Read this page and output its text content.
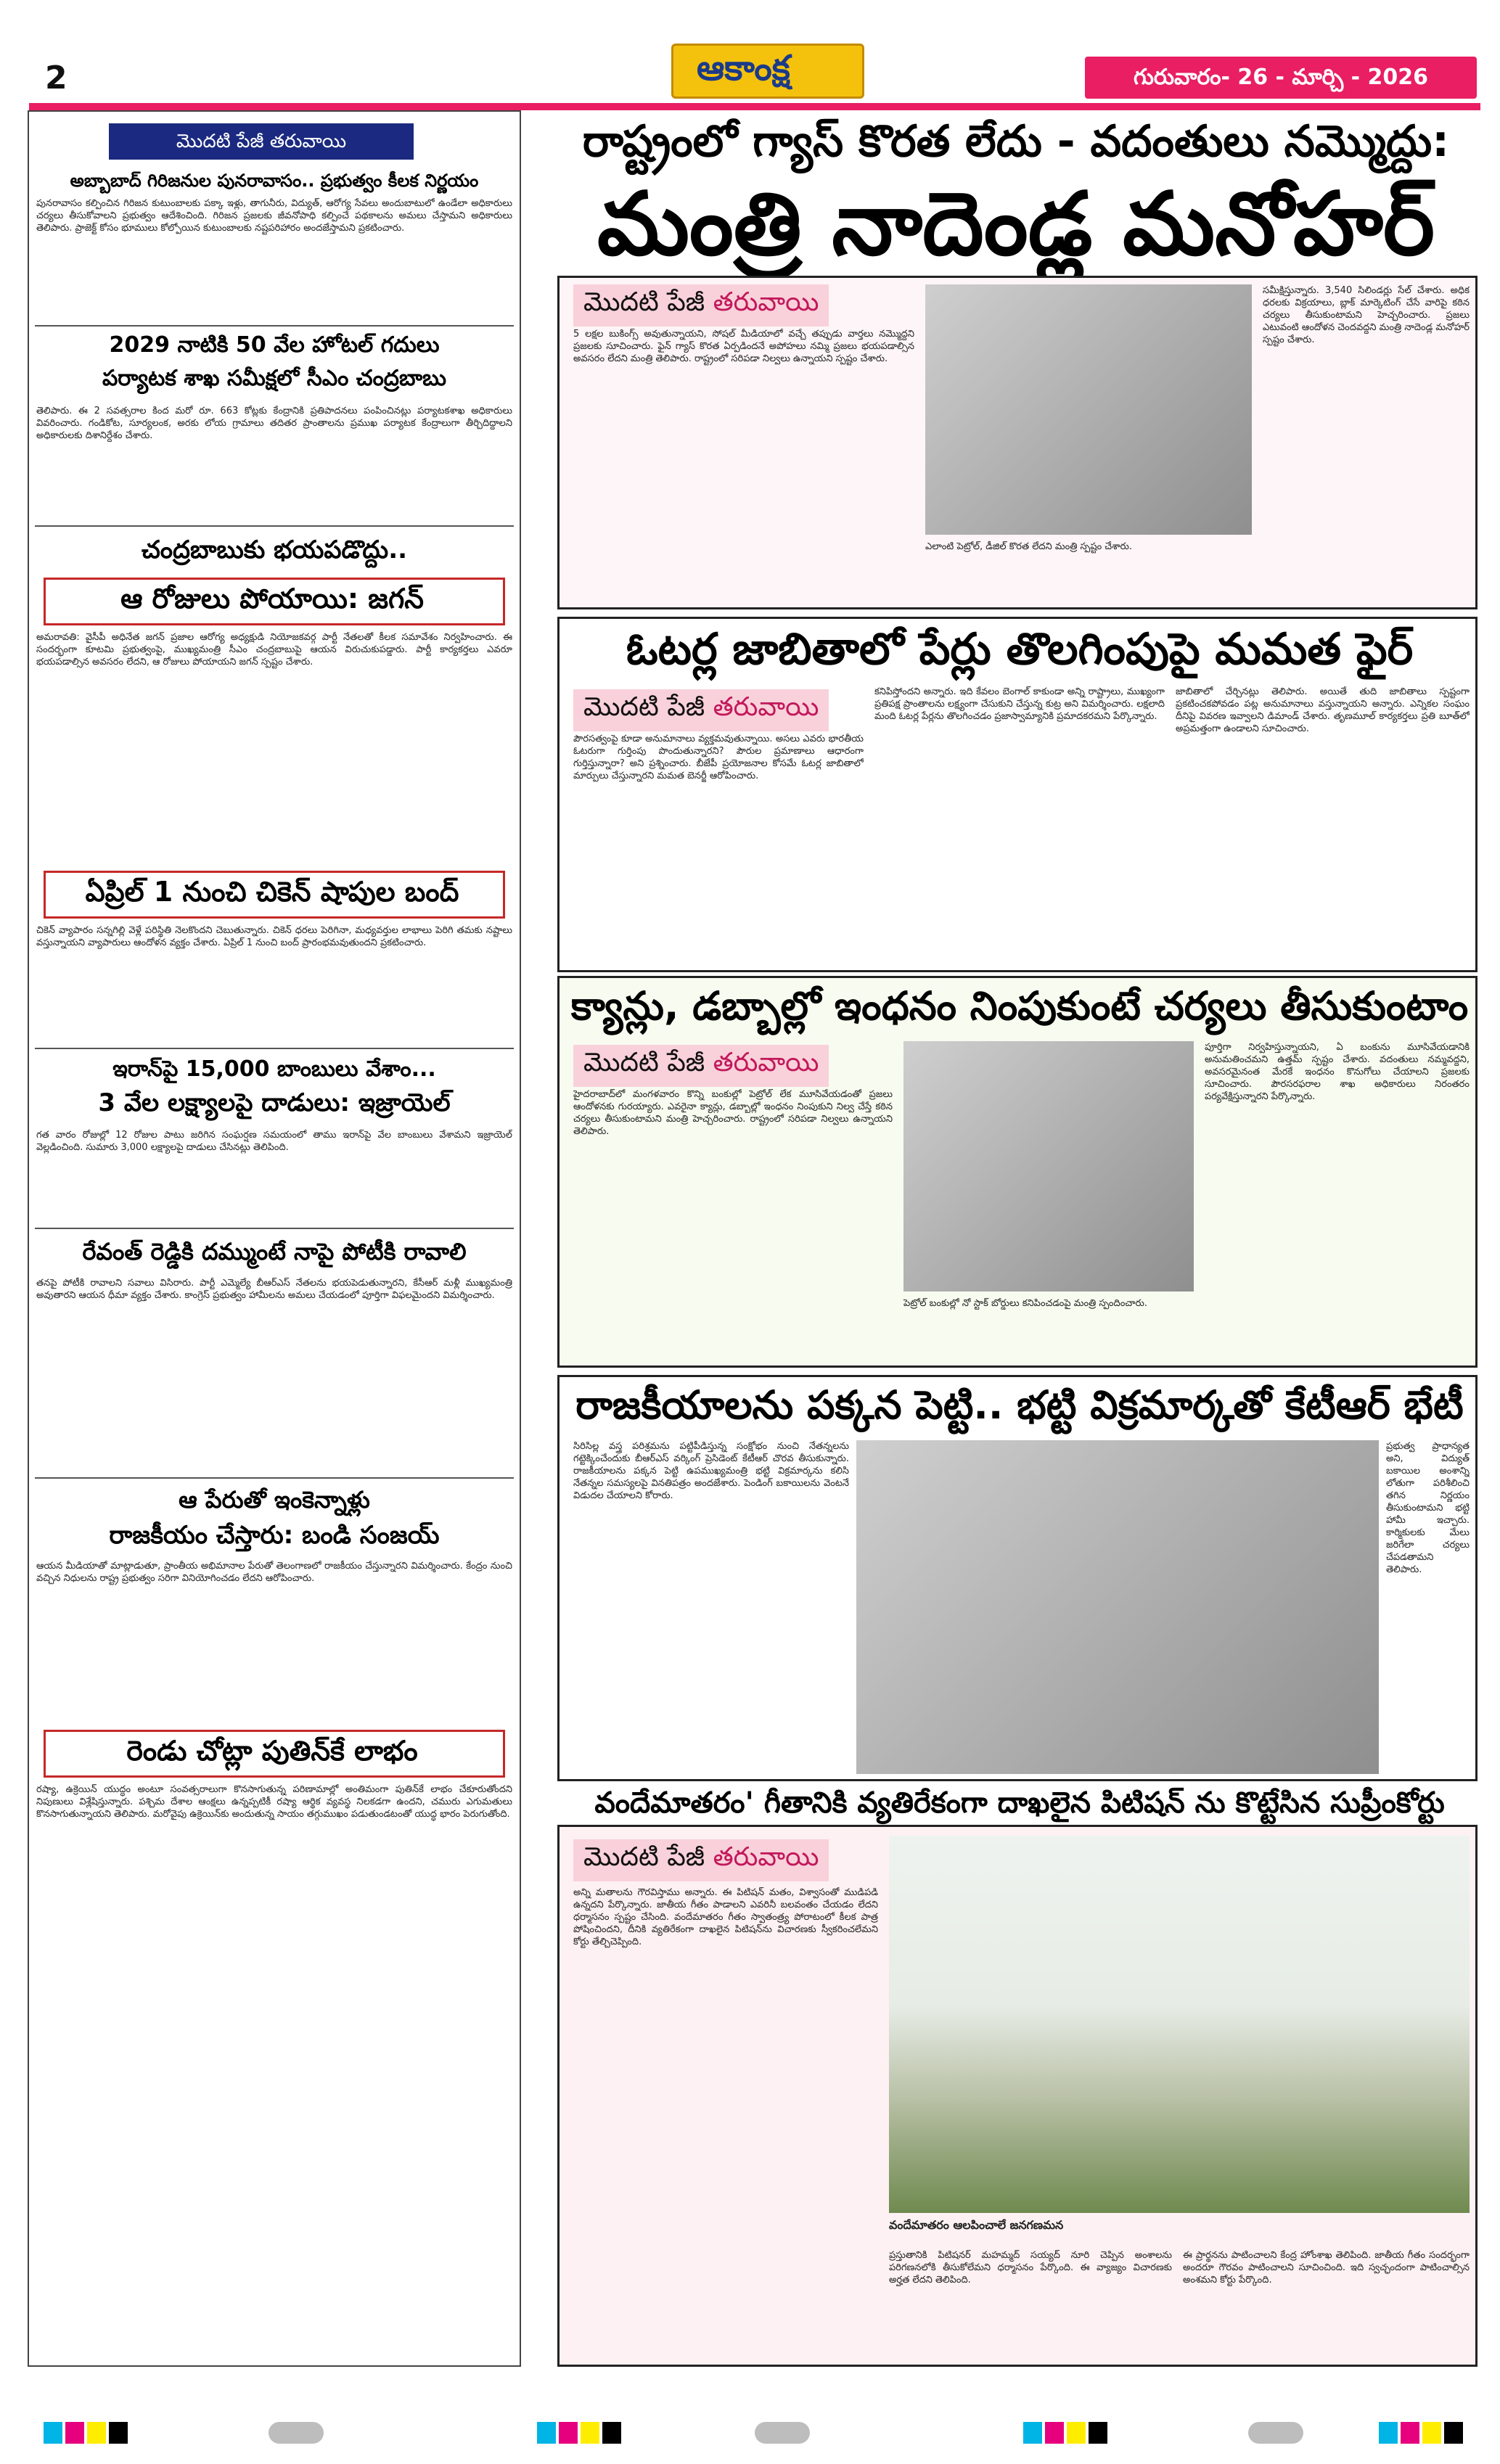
2	ఆకాంక్ష	గురువారం- 26 - మార్చి - 2026
మొదటి పేజీ తరువాయి
అబ్బాబాద్ గిరిజనుల పునరావాసం.. ప్రభుత్వం కీలక నిర్ణయం
పునరావాసం కల్పించిన గిరిజన కుటుంబాలకు పక్కా ఇళ్లు, తాగునీరు, విద్యుత్, ఆరోగ్య సేవలు అందుబాటులో ఉండేలా అధికారులు చర్యలు తీసుకోవాలని ప్రభుత్వం ఆదేశించింది. గిరిజన ప్రజలకు జీవనోపాధి కల్పించే పథకాలను అమలు చేస్తామని అధికారులు తెలిపారు. ప్రాజెక్ట్ కోసం భూములు కోల్పోయిన కుటుంబాలకు నష్టపరిహారం అందజేస్తామని ప్రకటించారు.
2029 నాటికి 50 వేల హోటల్ గదులు
పర్యాటక శాఖ సమీక్షలో సీఎం చంద్రబాబు
తెలిపారు. ఈ 2 సవత్సరాల కింద మరో రూ. 663 కోట్లకు కేంద్రానికి ప్రతిపాదనలు పంపించినట్లు పర్యాటకశాఖ అధికారులు వివరించారు. గండికోట, సూర్యలంక, అరకు లోయ గ్రామాలు తదితర ప్రాంతాలను ప్రముఖ పర్యాటక కేంద్రాలుగా తీర్చిదిద్దాలని అధికారులకు దిశానిర్దేశం చేశారు.
చంద్రబాబుకు భయపడొద్దు..
ఆ రోజులు పోయాయి: జగన్
అమరావతి: వైసీపీ అధినేత జగన్ ప్రజాల ఆరోగ్య అధ్యక్షుడి నియోజకవర్గ పార్టీ నేతలతో కీలక సమావేశం నిర్వహించారు. ఈ సందర్భంగా కూటమి ప్రభుత్వంపై, ముఖ్యమంత్రి సీఎం చంద్రబాబుపై ఆయన విరుచుకుపడ్డారు. పార్టీ కార్యకర్తలు ఎవరూ భయపడాల్సిన అవసరం లేదని, ఆ రోజులు పోయాయని జగన్ స్పష్టం చేశారు.
ఏప్రిల్ 1 నుంచి చికెన్ షాపుల బంద్
చికెన్ వ్యాపారం సన్నగిల్లి వెళ్లే పరిస్థితి నెలకొందని చెబుతున్నారు. చికెన్ ధరలు పెరిగినా, మధ్యవర్తుల లాభాలు పెరిగి తమకు నష్టాలు వస్తున్నాయని వ్యాపారులు ఆందోళన వ్యక్తం చేశారు. ఏప్రిల్ 1 నుంచి బంద్ ప్రారంభమవుతుందని ప్రకటించారు.
ఇరాన్‌పై 15,000 బాంబులు వేశాం...
3 వేల లక్ష్యాలపై దాడులు: ఇజ్రాయెల్
గత వారం రోజుల్లో 12 రోజుల పాటు జరిగిన సంఘర్షణ సమయంలో తాము ఇరాన్‌పై వేల బాంబులు వేశామని ఇజ్రాయెల్ వెల్లడించింది. సుమారు 3,000 లక్ష్యాలపై దాడులు చేసినట్లు తెలిపింది.
రేవంత్ రెడ్డికి దమ్ముంటే నాపై పోటీకి రావాలి
తనపై పోటీకి రావాలని సవాలు విసిరారు. పార్టీ ఎమ్మెల్యే బీఆర్ఎస్ నేతలను భయపెడుతున్నారని, కేసీఆర్ మళ్లీ ముఖ్యమంత్రి అవుతారని ఆయన ధీమా వ్యక్తం చేశారు. కాంగ్రెస్ ప్రభుత్వం హామీలను అమలు చేయడంలో పూర్తిగా విఫలమైందని విమర్శించారు.
ఆ పేరుతో ఇంకెన్నాళ్లు
రాజకీయం చేస్తారు: బండి సంజయ్
ఆయన మీడియాతో మాట్లాడుతూ, ప్రాంతీయ అభిమానాల పేరుతో తెలంగాణలో రాజకీయం చేస్తున్నారని విమర్శించారు. కేంద్రం నుంచి వచ్చిన నిధులను రాష్ట్ర ప్రభుత్వం సరిగా వినియోగించడం లేదని ఆరోపించారు.
రెండు చోట్లా పుతిన్‌కే లాభం
రష్యా, ఉక్రెయిన్ యుద్ధం అంటూ సంవత్సరాలుగా కొనసాగుతున్న పరిణామాల్లో అంతిమంగా పుతిన్‌కే లాభం చేకూరుతోందని నిపుణులు విశ్లేషిస్తున్నారు. పశ్చిమ దేశాల ఆంక్షలు ఉన్నప్పటికీ రష్యా ఆర్థిక వ్యవస్థ నిలకడగా ఉందని, చమురు ఎగుమతులు కొనసాగుతున్నాయని తెలిపారు. మరోవైపు ఉక్రెయిన్‌కు అందుతున్న సాయం తగ్గుముఖం పడుతుండటంతో యుద్ధ భారం పెరుగుతోంది.
రాష్ట్రంలో గ్యాస్ కొరత లేదు - వదంతులు నమ్మొద్దు:
మంత్రి నాదెండ్ల మనోహర్
మొదటి పేజీ తరువాయి
5 లక్షల బుకింగ్స్ అవుతున్నాయని, సోషల్ మీడియాలో వచ్చే తప్పుడు వార్తలు నమ్మొద్దని ప్రజలకు సూచించారు. ఫైన్ గ్యాస్ కొరత ఏర్పడిందనే అపోహలు నమ్మి ప్రజలు భయపడాల్సిన అవసరం లేదని మంత్రి తెలిపారు. రాష్ట్రంలో సరిపడా నిల్వలు ఉన్నాయని స్పష్టం చేశారు.
ఎలాంటి పెట్రోల్, డీజిల్ కొరత లేదని మంత్రి స్పష్టం చేశారు.
సమీక్షిస్తున్నారు. 3,540 సిలిండర్లు సేల్ చేశారు. అధిక ధరలకు విక్రయాలు, బ్లాక్ మార్కెటింగ్ చేసే వారిపై కఠిన చర్యలు తీసుకుంటామని హెచ్చరించారు. ప్రజలు ఎటువంటి ఆందోళన చెందవద్దని మంత్రి నాదెండ్ల మనోహర్ స్పష్టం చేశారు.
ఓటర్ల జాబితాలో పేర్లు తొలగింపుపై మమత ఫైర్
మొదటి పేజీ తరువాయి
పౌరసత్వంపై కూడా అనుమానాలు వ్యక్తమవుతున్నాయి. అసలు ఎవరు భారతీయ ఓటరుగా గుర్తింపు పొందుతున్నారని? పౌరుల ప్రమాణాలు ఆధారంగా గుర్తిస్తున్నారా? అని ప్రశ్నించారు. బీజేపీ ప్రయోజనాల కోసమే ఓటర్ల జాబితాలో మార్పులు చేస్తున్నారని మమత బెనర్జీ ఆరోపించారు.
కనిపిస్తోందని అన్నారు. ఇది కేవలం బెంగాల్ కాకుండా అన్ని రాష్ట్రాలు, ముఖ్యంగా ప్రతిపక్ష ప్రాంతాలను లక్ష్యంగా చేసుకుని చేస్తున్న కుట్ర అని విమర్శించారు. లక్షలాది మంది ఓటర్ల పేర్లను తొలగించడం ప్రజాస్వామ్యానికి ప్రమాదకరమని పేర్కొన్నారు.
జాబితాలో చేర్చినట్లు తెలిపారు. అయితే తుది జాబితాలు స్పష్టంగా ప్రకటించకపోవడం పట్ల అనుమానాలు వస్తున్నాయని అన్నారు. ఎన్నికల సంఘం దీనిపై వివరణ ఇవ్వాలని డిమాండ్ చేశారు. తృణమూల్ కార్యకర్తలు ప్రతి బూత్‌లో అప్రమత్తంగా ఉండాలని సూచించారు.
క్యాన్లు, డబ్బాల్లో ఇంధనం నింపుకుంటే చర్యలు తీసుకుంటాం
మొదటి పేజీ తరువాయి
హైదరాబాద్‌లో మంగళవారం కొన్ని బంకుల్లో పెట్రోల్ లేక మూసివేయడంతో ప్రజలు ఆందోళనకు గురయ్యారు. ఎవరైనా క్యాన్లు, డబ్బాల్లో ఇంధనం నింపుకుని నిల్వ చేస్తే కఠిన చర్యలు తీసుకుంటామని మంత్రి హెచ్చరించారు. రాష్ట్రంలో సరిపడా నిల్వలు ఉన్నాయని తెలిపారు.
పెట్రోల్ బంకుల్లో నో స్టాక్ బోర్డులు కనిపించడంపై మంత్రి స్పందించారు.
పూర్తిగా నిర్వహిస్తున్నాయని, ఏ బంకును మూసివేయడానికి అనుమతించమని ఉత్తమ్ స్పష్టం చేశారు. వదంతులు నమ్మవద్దని, అవసరమైనంత మేరకే ఇంధనం కొనుగోలు చేయాలని ప్రజలకు సూచించారు. పౌరసరఫరాల శాఖ అధికారులు నిరంతరం పర్యవేక్షిస్తున్నారని పేర్కొన్నారు.
రాజకీయాలను పక్కన పెట్టి.. భట్టి విక్రమార్కతో కేటీఆర్ భేటీ
సిరిసిల్ల వస్త్ర పరిశ్రమను పట్టిపీడిస్తున్న సంక్షోభం నుంచి నేతన్నలను గట్టెక్కించేందుకు బీఆర్ఎస్ వర్కింగ్ ప్రెసిడెంట్ కేటీఆర్ చొరవ తీసుకున్నారు. రాజకీయాలను పక్కన పెట్టి ఉపముఖ్యమంత్రి భట్టి విక్రమార్కను కలిసి నేతన్నల సమస్యలపై వినతిపత్రం అందజేశారు. పెండింగ్ బకాయిలను వెంటనే విడుదల చేయాలని కోరారు.
ప్రభుత్వ ప్రాధాన్యత అని, విద్యుత్ బకాయిల అంశాన్ని లోతుగా పరిశీలించి తగిన నిర్ణయం తీసుకుంటామని భట్టి హామీ ఇచ్చారు. కార్మికులకు మేలు జరిగేలా చర్యలు చేపడతామని తెలిపారు.
వందేమాతరం' గీతానికి వ్యతిరేకంగా దాఖలైన పిటిషన్ ను కొట్టేసిన సుప్రీంకోర్టు
మొదటి పేజీ తరువాయి
అన్ని మతాలను గౌరవిస్తాము అన్నారు. ఈ పిటిషన్ మతం, విశ్వాసంతో ముడిపడి ఉన్నదని పేర్కొన్నారు. జాతీయ గీతం పాడాలని ఎవరినీ బలవంతం చేయడం లేదని ధర్మాసనం స్పష్టం చేసింది. వందేమాతరం గీతం స్వాతంత్ర్య పోరాటంలో కీలక పాత్ర పోషించిందని, దీనికి వ్యతిరేకంగా దాఖలైన పిటిషన్‌ను విచారణకు స్వీకరించలేమని కోర్టు తేల్చిచెప్పింది.
వందేమాతరం ఆలపించాలే జనగణమన
ప్రస్తుతానికి పిటిషనర్ మహమ్మద్ సయ్యద్ నూరి చెప్పిన అంశాలను పరిగణనలోకి తీసుకోలేమని ధర్మాసనం పేర్కొంది. ఈ వ్యాజ్యం విచారణకు అర్హత లేదని తెలిపింది.
ఈ ప్రార్థనను పాటించాలని కేంద్ర హోంశాఖ తెలిపింది. జాతీయ గీతం సందర్భంగా అందరూ గౌరవం పాటించాలని సూచించింది. ఇది స్వచ్ఛందంగా పాటించాల్సిన అంశమని కోర్టు పేర్కొంది.
